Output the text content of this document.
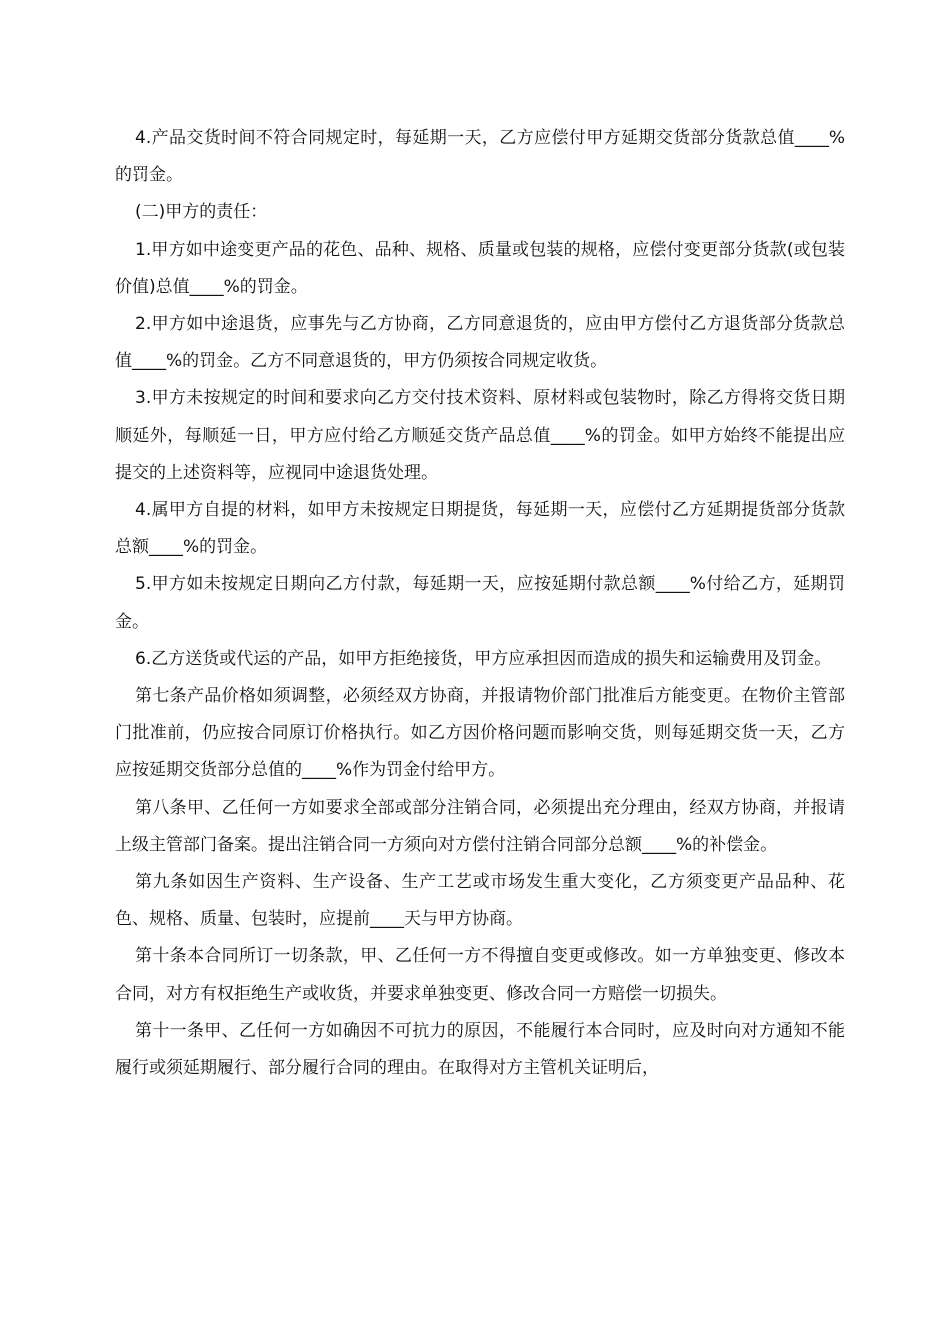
4.产品交货时间不符合同规定时，每延期一天，乙方应偿付甲方延期交货部分货款总值____%的罚金。

(二)甲方的责任：

1.甲方如中途变更产品的花色、品种、规格、质量或包装的规格，应偿付变更部分货款(或包装价值)总值____%的罚金。

2.甲方如中途退货，应事先与乙方协商，乙方同意退货的，应由甲方偿付乙方退货部分货款总值____%的罚金。乙方不同意退货的，甲方仍须按合同规定收货。

3.甲方未按规定的时间和要求向乙方交付技术资料、原材料或包装物时，除乙方得将交货日期顺延外，每顺延一日，甲方应付给乙方顺延交货产品总值____%的罚金。如甲方始终不能提出应提交的上述资料等，应视同中途退货处理。

4.属甲方自提的材料，如甲方未按规定日期提货，每延期一天，应偿付乙方延期提货部分货款总额____%的罚金。

5.甲方如未按规定日期向乙方付款，每延期一天，应按延期付款总额____%付给乙方，延期罚金。

6.乙方送货或代运的产品，如甲方拒绝接货，甲方应承担因而造成的损失和运输费用及罚金。

第七条产品价格如须调整，必须经双方协商，并报请物价部门批准后方能变更。在物价主管部门批准前，仍应按合同原订价格执行。如乙方因价格问题而影响交货，则每延期交货一天，乙方应按延期交货部分总值的____%作为罚金付给甲方。

第八条甲、乙任何一方如要求全部或部分注销合同，必须提出充分理由，经双方协商，并报请上级主管部门备案。提出注销合同一方须向对方偿付注销合同部分总额____%的补偿金。

第九条如因生产资料、生产设备、生产工艺或市场发生重大变化，乙方须变更产品品种、花色、规格、质量、包装时，应提前____天与甲方协商。

第十条本合同所订一切条款，甲、乙任何一方不得擅自变更或修改。如一方单独变更、修改本合同，对方有权拒绝生产或收货，并要求单独变更、修改合同一方赔偿一切损失。

第十一条甲、乙任何一方如确因不可抗力的原因，不能履行本合同时，应及时向对方通知不能履行或须延期履行、部分履行合同的理由。在取得对方主管机关证明后，
